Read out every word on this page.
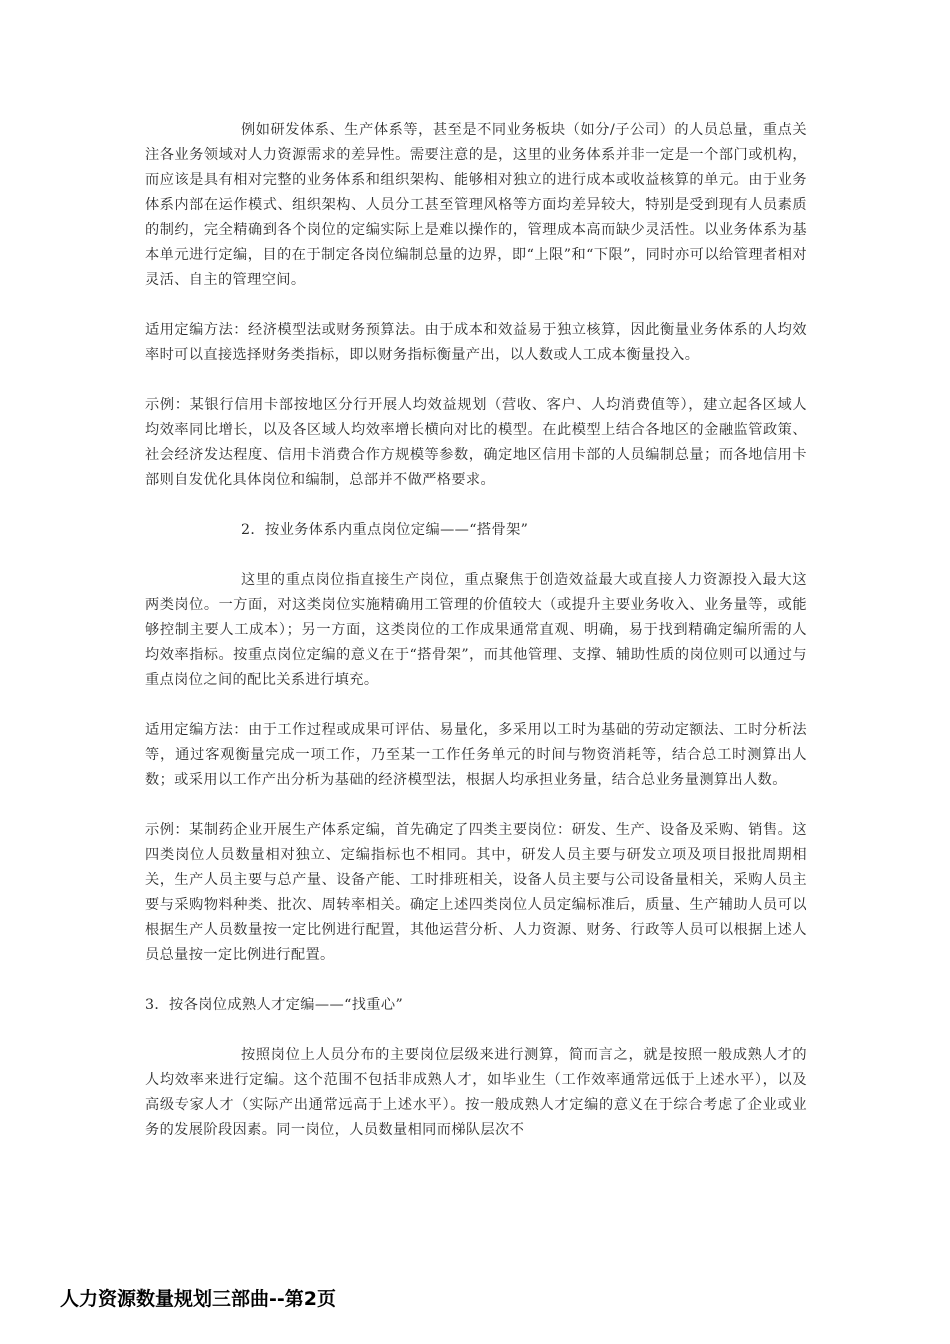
例如研发体系、生产体系等，甚至是不同业务板块（如分/子公司）的人员总量，重点关注各业务领域对人力资源需求的差异性。需要注意的是，这里的业务体系并非一定是一个部门或机构，而应该是具有相对完整的业务体系和组织架构、能够相对独立的进行成本或收益核算的单元。由于业务体系内部在运作模式、组织架构、人员分工甚至管理风格等方面均差异较大，特别是受到现有人员素质的制约，完全精确到各个岗位的定编实际上是难以操作的，管理成本高而缺少灵活性。以业务体系为基本单元进行定编，目的在于制定各岗位编制总量的边界，即“上限”和“下限”，同时亦可以给管理者相对灵活、自主的管理空间。

适用定编方法：经济模型法或财务预算法。由于成本和效益易于独立核算，因此衡量业务体系的人均效率时可以直接选择财务类指标，即以财务指标衡量产出，以人数或人工成本衡量投入。

示例：某银行信用卡部按地区分行开展人均效益规划（营收、客户、人均消费值等），建立起各区域人均效率同比增长，以及各区域人均效率增长横向对比的模型。在此模型上结合各地区的金融监管政策、社会经济发达程度、信用卡消费合作方规模等参数，确定地区信用卡部的人员编制总量；而各地信用卡部则自发优化具体岗位和编制，总部并不做严格要求。

2．按业务体系内重点岗位定编——“搭骨架”

这里的重点岗位指直接生产岗位，重点聚焦于创造效益最大或直接人力资源投入最大这两类岗位。一方面，对这类岗位实施精确用工管理的价值较大（或提升主要业务收入、业务量等，或能够控制主要人工成本）；另一方面，这类岗位的工作成果通常直观、明确，易于找到精确定编所需的人均效率指标。按重点岗位定编的意义在于“搭骨架”，而其他管理、支撑、辅助性质的岗位则可以通过与重点岗位之间的配比关系进行填充。

适用定编方法：由于工作过程或成果可评估、易量化，多采用以工时为基础的劳动定额法、工时分析法等，通过客观衡量完成一项工作，乃至某一工作任务单元的时间与物资消耗等，结合总工时测算出人数；或采用以工作产出分析为基础的经济模型法，根据人均承担业务量，结合总业务量测算出人数。

示例：某制药企业开展生产体系定编，首先确定了四类主要岗位：研发、生产、设备及采购、销售。这四类岗位人员数量相对独立、定编指标也不相同。其中，研发人员主要与研发立项及项目报批周期相关，生产人员主要与总产量、设备产能、工时排班相关，设备人员主要与公司设备量相关，采购人员主要与采购物料种类、批次、周转率相关。确定上述四类岗位人员定编标准后，质量、生产辅助人员可以根据生产人员数量按一定比例进行配置，其他运营分析、人力资源、财务、行政等人员可以根据上述人员总量按一定比例进行配置。

3．按各岗位成熟人才定编——“找重心”

按照岗位上人员分布的主要岗位层级来进行测算，简而言之，就是按照一般成熟人才的人均效率来进行定编。这个范围不包括非成熟人才，如毕业生（工作效率通常远低于上述水平），以及高级专家人才（实际产出通常远高于上述水平）。按一般成熟人才定编的意义在于综合考虑了企业或业务的发展阶段因素。同一岗位，人员数量相同而梯队层次不

人力资源数量规划三部曲--第2页
